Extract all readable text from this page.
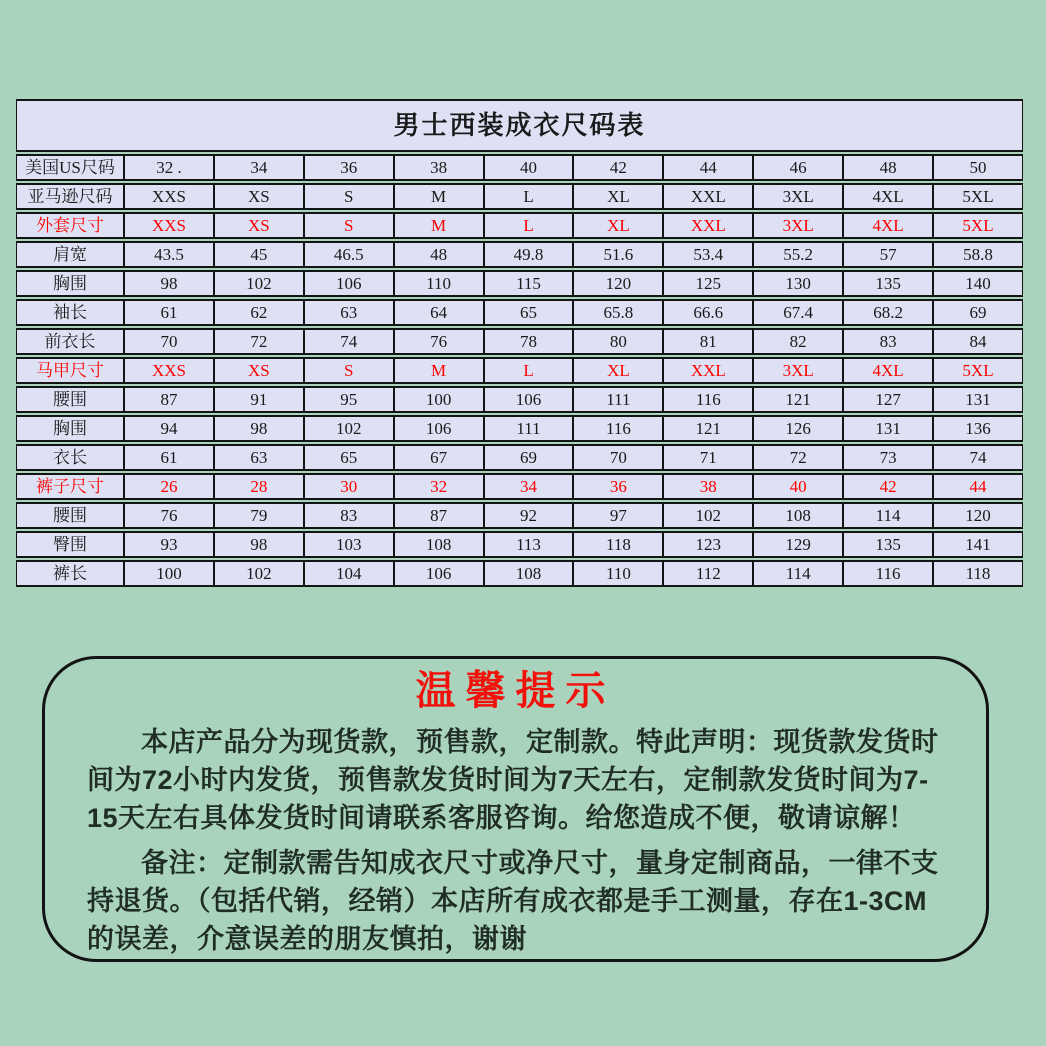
男士西装成衣尺码表										
美国US尺码	32 .	34	36	38	40	42	44	46	48	50
亚马逊尺码	XXS	XS	S	M	L	XL	XXL	3XL	4XL	5XL
外套尺寸	XXS	XS	S	M	L	XL	XXL	3XL	4XL	5XL
肩宽	43.5	45	46.5	48	49.8	51.6	53.4	55.2	57	58.8
胸围	98	102	106	110	115	120	125	130	135	140
袖长	61	62	63	64	65	65.8	66.6	67.4	68.2	69
前衣长	70	72	74	76	78	80	81	82	83	84
马甲尺寸	XXS	XS	S	M	L	XL	XXL	3XL	4XL	5XL
腰围	87	91	95	100	106	111	116	121	127	131
胸围	94	98	102	106	111	116	121	126	131	136
衣长	61	63	65	67	69	70	71	72	73	74
裤子尺寸	26	28	30	32	34	36	38	40	42	44
腰围	76	79	83	87	92	97	102	108	114	120
臀围	93	98	103	108	113	118	123	129	135	141
裤长	100	102	104	106	108	110	112	114	116	118
温馨提示

本店产品分为现货款，预售款，定制款。特此声明：现货款发货时间为72小时内发货，预售款发货时间为7天左右，定制款发货时间为7-15天左右具体发货时间请联系客服咨询。给您造成不便，敬请谅解！

备注：定制款需告知成衣尺寸或净尺寸，量身定制商品，一律不支持退货。（包括代销，经销）本店所有成衣都是手工测量，存在1-3CM的误差，介意误差的朋友慎拍，谢谢
